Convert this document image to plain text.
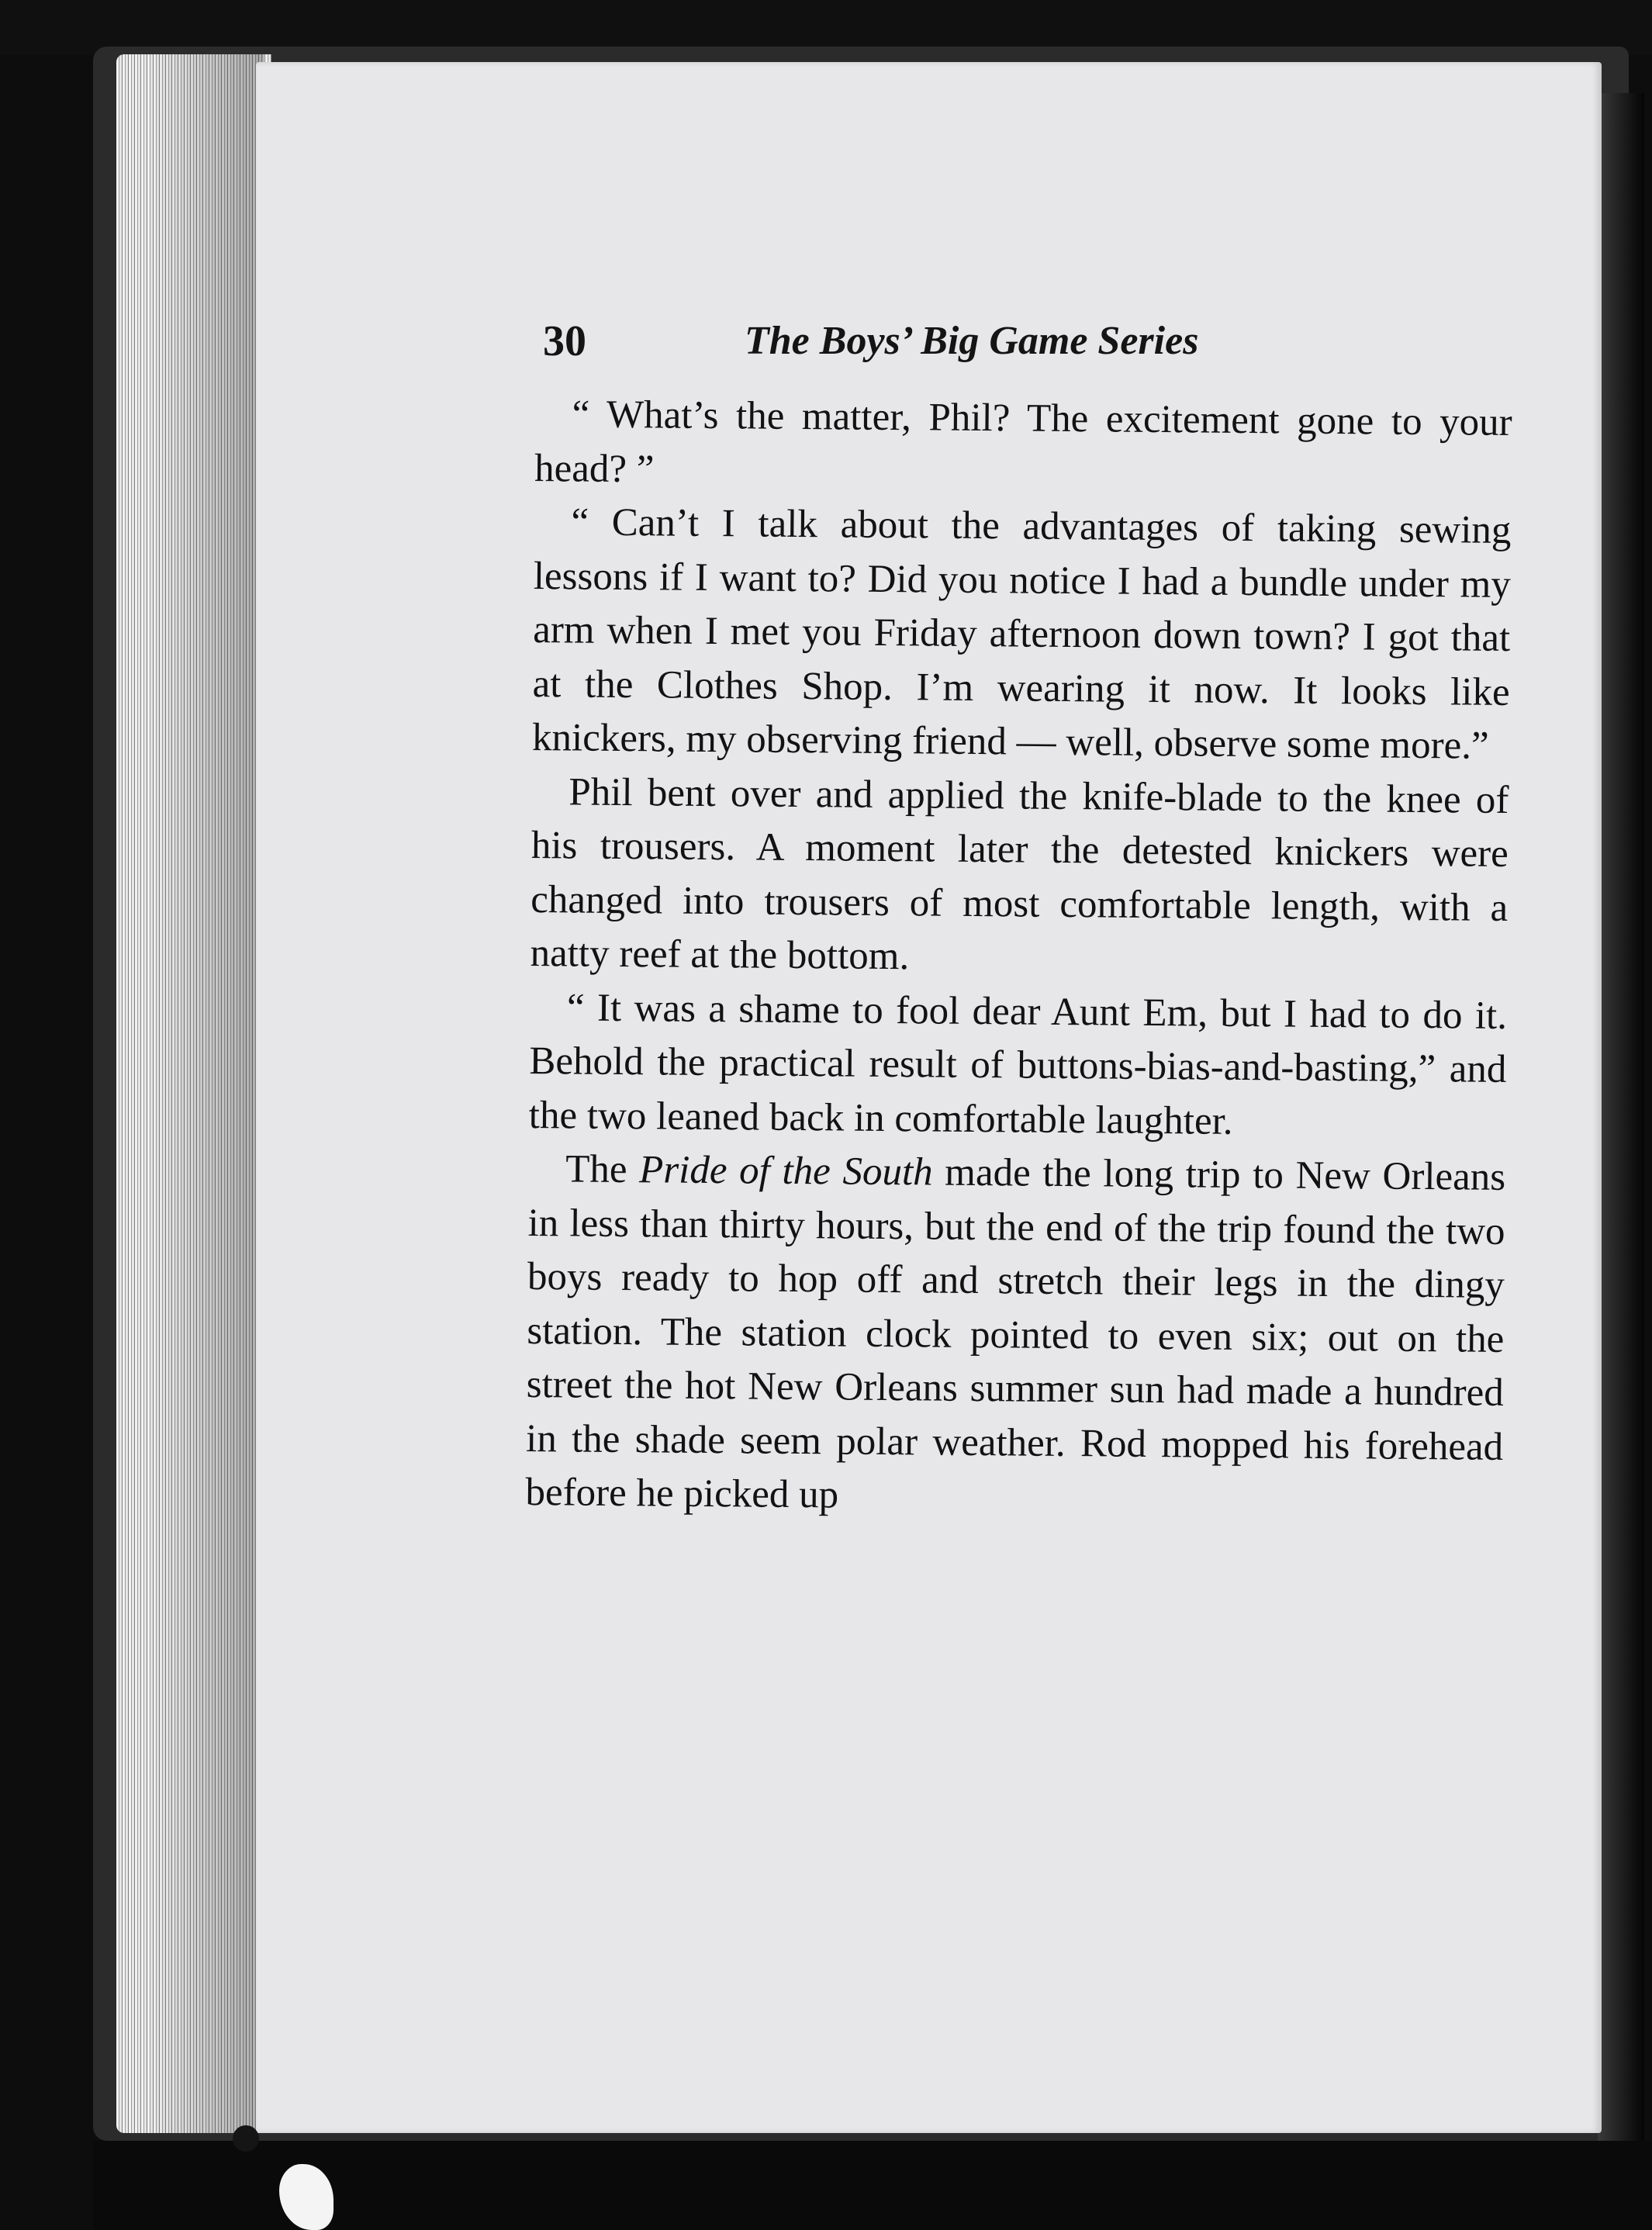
30	The Boys’ Big Game Series

“ What’s the matter, Phil? The excitement gone to your head? ”

“ Can’t I talk about the advantages of taking sewing lessons if I want to? Did you notice I had a bundle under my arm when I met you Friday afternoon down town? I got that at the Clothes Shop. I’m wearing it now. It looks like knickers, my observing friend — well, observe some more.”

Phil bent over and applied the knife-blade to the knee of his trousers. A moment later the detested knickers were changed into trousers of most comfortable length, with a natty reef at the bottom.

“ It was a shame to fool dear Aunt Em, but I had to do it. Behold the practical result of buttons-bias-and-basting,” and the two leaned back in comfortable laughter.

The Pride of the South made the long trip to New Orleans in less than thirty hours, but the end of the trip found the two boys ready to hop off and stretch their legs in the dingy station. The station clock pointed to even six; out on the street the hot New Orleans summer sun had made a hundred in the shade seem polar weather. Rod mopped his forehead before he picked up
